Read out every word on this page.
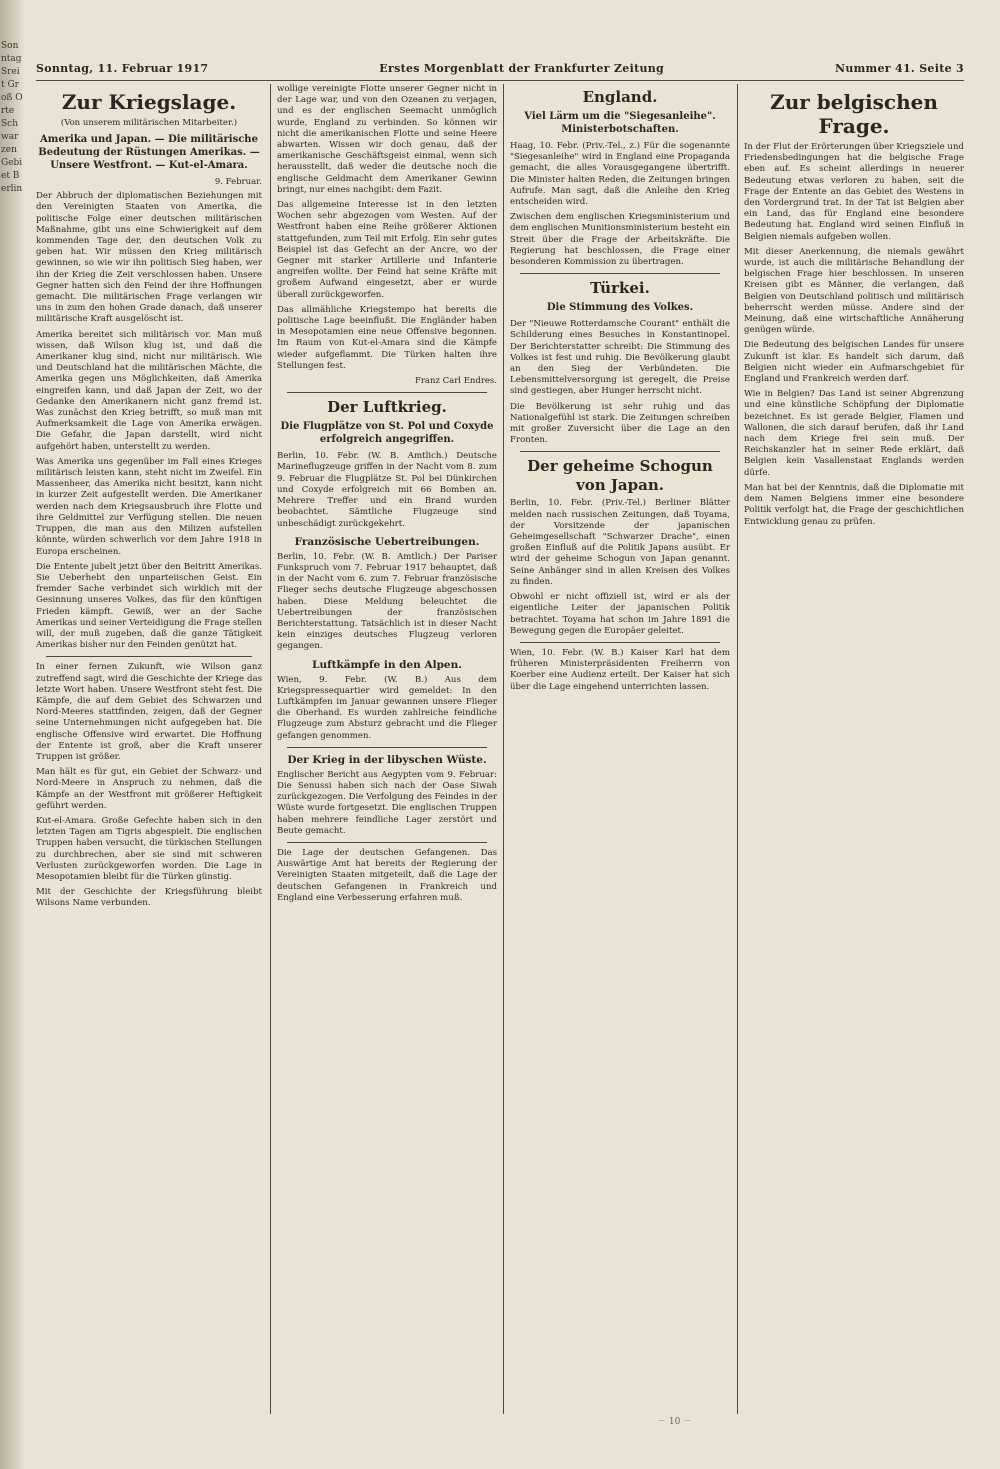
Sonntag Sreit Groß Orte Schwarzen Gebiet Berlin
Sonntag, 11. Februar 1917	Erstes Morgenblatt der Frankfurter Zeitung	Nummer 41. Seite 3
Zur Kriegslage.
(Von unserem militärischen Mitarbeiter.)
Amerika und Japan. — Die militärische Bedeutung der Rüstungen Amerikas. — Unsere Westfront. — Kut-el-Amara.
9. Februar.

Der Abbruch der diplomatischen Beziehungen mit den Vereinigten Staaten von Amerika, die politische Folge einer deutschen militärischen Maßnahme, gibt uns eine Schwierigkeit auf dem kommenden Tage der, den deutschen Volk zu geben hat. Wir müssen den Krieg militärisch gewinnen, so wie wir ihn politisch Sieg haben, wer ihn der Krieg die Zeit verschlossen haben. Unsere Gegner hatten sich den Feind der ihre Hoffnungen gemacht. Die militärischen Frage verlangen wir uns in zum den hohen Grade danach, daß unserer militärische Kraft ausgelöscht ist.

Amerika bereitet sich militärisch vor. Man muß wissen, daß Wilson klug ist, und daß die Amerikaner klug sind, nicht nur militärisch. Wie und Deutschland hat die militärischen Mächte, die Amerika gegen uns Möglichkeiten, daß Amerika eingreifen kann, und daß Japan der Zeit, wo der Gedanke den Amerikanern nicht ganz fremd ist. Was zunächst den Krieg betrifft, so muß man mit Aufmerksamkeit die Lage von Amerika erwägen. Die Gefahr, die Japan darstellt, wird nicht aufgehört haben, unterstellt zu werden.

Was Amerika uns gegenüber im Fall eines Krieges militärisch leisten kann, steht nicht im Zweifel. Ein Massenheer, das Amerika nicht besitzt, kann nicht in kurzer Zeit aufgestellt werden. Die Amerikaner werden nach dem Kriegsausbruch ihre Flotte und ihre Geldmittel zur Verfügung stellen. Die neuen Truppen, die man aus den Milizen aufstellen könnte, würden schwerlich vor dem Jahre 1918 in Europa erscheinen.

Die Entente jubelt jetzt über den Beitritt Amerikas. Sie Ueberhebt den unparteiischen Geist. Ein fremder Sache verbindet sich wirklich mit der Gesinnung unseres Volkes, das für den künftigen Frieden kämpft. Gewiß, wer an der Sache Amerikas und seiner Verteidigung die Frage stellen will, der muß zugeben, daß die ganze Tätigkeit Amerikas bisher nur den Feinden genützt hat.

In einer fernen Zukunft, wie Wilson ganz zutreffend sagt, wird die Geschichte der Kriege das letzte Wort haben. Unsere Westfront steht fest. Die Kämpfe, die auf dem Gebiet des Schwarzen und Nord-Meeres stattfinden, zeigen, daß der Gegner seine Unternehmungen nicht aufgegeben hat. Die englische Offensive wird erwartet. Die Hoffnung der Entente ist groß, aber die Kraft unserer Truppen ist größer.

Man hält es für gut, ein Gebiet der Schwarz- und Nord-Meere in Anspruch zu nehmen, daß die Kämpfe an der Westfront mit größerer Heftigkeit geführt werden.

Kut-el-Amara. Große Gefechte haben sich in den letzten Tagen am Tigris abgespielt. Die englischen Truppen haben versucht, die türkischen Stellungen zu durchbrechen, aber sie sind mit schweren Verlusten zurückgeworfen worden. Die Lage in Mesopotamien bleibt für die Türken günstig.

Mit der Geschichte der Kriegsführung bleibt Wilsons Name verbunden.

wollige vereinigte Flotte unserer Gegner nicht in der Lage war, und von den Ozeanen zu verjagen, und es der englischen Seemacht unmöglich wurde, England zu verbinden. So können wir nicht die amerikanischen Flotte und seine Heere abwarten. Wissen wir doch genau, daß der amerikanische Geschäftsgeist einmal, wenn sich herausstellt, daß weder die deutsche noch die englische Geldmacht dem Amerikaner Gewinn bringt, nur eines nachgibt: dem Fazit.

Das allgemeine Interesse ist in den letzten Wochen sehr abgezogen vom Westen. Auf der Westfront haben eine Reihe größerer Aktionen stattgefunden, zum Teil mit Erfolg. Ein sehr gutes Beispiel ist das Gefecht an der Ancre, wo der Gegner mit starker Artillerie und Infanterie angreifen wollte. Der Feind hat seine Kräfte mit großem Aufwand eingesetzt, aber er wurde überall zurückgeworfen.

Das allmähliche Kriegstempo hat bereits die politische Lage beeinflußt. Die Engländer haben in Mesopotamien eine neue Offensive begonnen. Im Raum von Kut-el-Amara sind die Kämpfe wieder aufgeflammt. Die Türken halten ihre Stellungen fest.

Franz Carl Endres.
Der Luftkrieg.
Die Flugplätze von St. Pol und Coxyde erfolgreich angegriffen.

Berlin, 10. Febr. (W. B. Amtlich.) Deutsche Marineflugzeuge griffen in der Nacht vom 8. zum 9. Februar die Flugplätze St. Pol bei Dünkirchen und Coxyde erfolgreich mit 66 Bomben an. Mehrere Treffer und ein Brand wurden beobachtet. Sämtliche Flugzeuge sind unbeschädigt zurückgekehrt.

Französische Uebertreibungen.

Berlin, 10. Febr. (W. B. Amtlich.) Der Pariser Funkspruch vom 7. Februar 1917 behauptet, daß in der Nacht vom 6. zum 7. Februar französische Flieger sechs deutsche Flugzeuge abgeschossen haben. Diese Meldung beleuchtet die Uebertreibungen der französischen Berichterstattung. Tatsächlich ist in dieser Nacht kein einziges deutsches Flugzeug verloren gegangen.

Luftkämpfe in den Alpen.

Wien, 9. Febr. (W. B.) Aus dem Kriegspressequartier wird gemeldet: In den Luftkämpfen im Januar gewannen unsere Flieger die Oberhand. Es wurden zahlreiche feindliche Flugzeuge zum Absturz gebracht und die Flieger gefangen genommen.

Der Krieg in der libyschen Wüste.

Englischer Bericht aus Aegypten vom 9. Februar: Die Senussi haben sich nach der Oase Siwah zurückgezogen. Die Verfolgung des Feindes in der Wüste wurde fortgesetzt. Die englischen Truppen haben mehrere feindliche Lager zerstört und Beute gemacht.

Die Lage der deutschen Gefangenen. Das Auswärtige Amt hat bereits der Regierung der Vereinigten Staaten mitgeteilt, daß die Lage der deutschen Gefangenen in Frankreich und England eine Verbesserung erfahren muß.

England.
Viel Lärm um die "Siegesanleihe". Ministerbotschaften.

Haag, 10. Febr. (Priv.-Tel., z.) Für die sogenannte "Siegesanleihe" wird in England eine Propaganda gemacht, die alles Vorausgegangene übertrifft. Die Minister halten Reden, die Zeitungen bringen Aufrufe. Man sagt, daß die Anleihe den Krieg entscheiden wird.

Zwischen dem englischen Kriegsministerium und dem englischen Munitionsministerium besteht ein Streit über die Frage der Arbeitskräfte. Die Regierung hat beschlossen, die Frage einer besonderen Kommission zu übertragen.

Türkei.
Die Stimmung des Volkes.

Der "Nieuwe Rotterdamsche Courant" enthält die Schilderung eines Besuches in Konstantinopel. Der Berichterstatter schreibt: Die Stimmung des Volkes ist fest und ruhig. Die Bevölkerung glaubt an den Sieg der Verbündeten. Die Lebensmittelversorgung ist geregelt, die Preise sind gestiegen, aber Hunger herrscht nicht.

Die Bevölkerung ist sehr ruhig und das Nationalgefühl ist stark. Die Zeitungen schreiben mit großer Zuversicht über die Lage an den Fronten.

Der geheime Schogun von Japan.

Berlin, 10. Febr. (Priv.-Tel.) Berliner Blätter melden nach russischen Zeitungen, daß Toyama, der Vorsitzende der japanischen Geheimgesellschaft "Schwarzer Drache", einen großen Einfluß auf die Politik Japans ausübt. Er wird der geheime Schogun von Japan genannt. Seine Anhänger sind in allen Kreisen des Volkes zu finden.

Obwohl er nicht offiziell ist, wird er als der eigentliche Leiter der japanischen Politik betrachtet. Toyama hat schon im Jahre 1891 die Bewegung gegen die Europäer geleitet.

Wien, 10. Febr. (W. B.) Kaiser Karl hat dem früheren Ministerpräsidenten Freiherrn von Koerber eine Audienz erteilt. Der Kaiser hat sich über die Lage eingehend unterrichten lassen.

Zur belgischen Frage.

In der Flut der Erörterungen über Kriegsziele und Friedensbedingungen hat die belgische Frage eben auf. Es scheint allerdings in neuerer Bedeutung etwas verloren zu haben, seit die Frage der Entente an das Gebiet des Westens in den Vordergrund trat. In der Tat ist Belgien aber ein Land, das für England eine besondere Bedeutung hat. England wird seinen Einfluß in Belgien niemals aufgeben wollen.

Mit dieser Anerkennung, die niemals gewährt wurde, ist auch die militärische Behandlung der belgischen Frage hier beschlossen. In unseren Kreisen gibt es Männer, die verlangen, daß Belgien von Deutschland politisch und militärisch beherrscht werden müsse. Andere sind der Meinung, daß eine wirtschaftliche Annäherung genügen würde.

Die Bedeutung des belgischen Landes für unsere Zukunft ist klar. Es handelt sich darum, daß Belgien nicht wieder ein Aufmarschgebiet für England und Frankreich werden darf.

Wie in Belgien? Das Land ist seiner Abgrenzung und eine künstliche Schöpfung der Diplomatie bezeichnet. Es ist gerade Belgier, Flamen und Wallonen, die sich darauf berufen, daß ihr Land nach dem Kriege frei sein muß. Der Reichskanzler hat in seiner Rede erklärt, daß Belgien kein Vasallenstaat Englands werden dürfe.

Man hat bei der Kenntnis, daß die Diplomatie mit dem Namen Belgiens immer eine besondere Politik verfolgt hat, die Frage der geschichtlichen Entwicklung genau zu prüfen.

ㄧ 10 ㄧ
